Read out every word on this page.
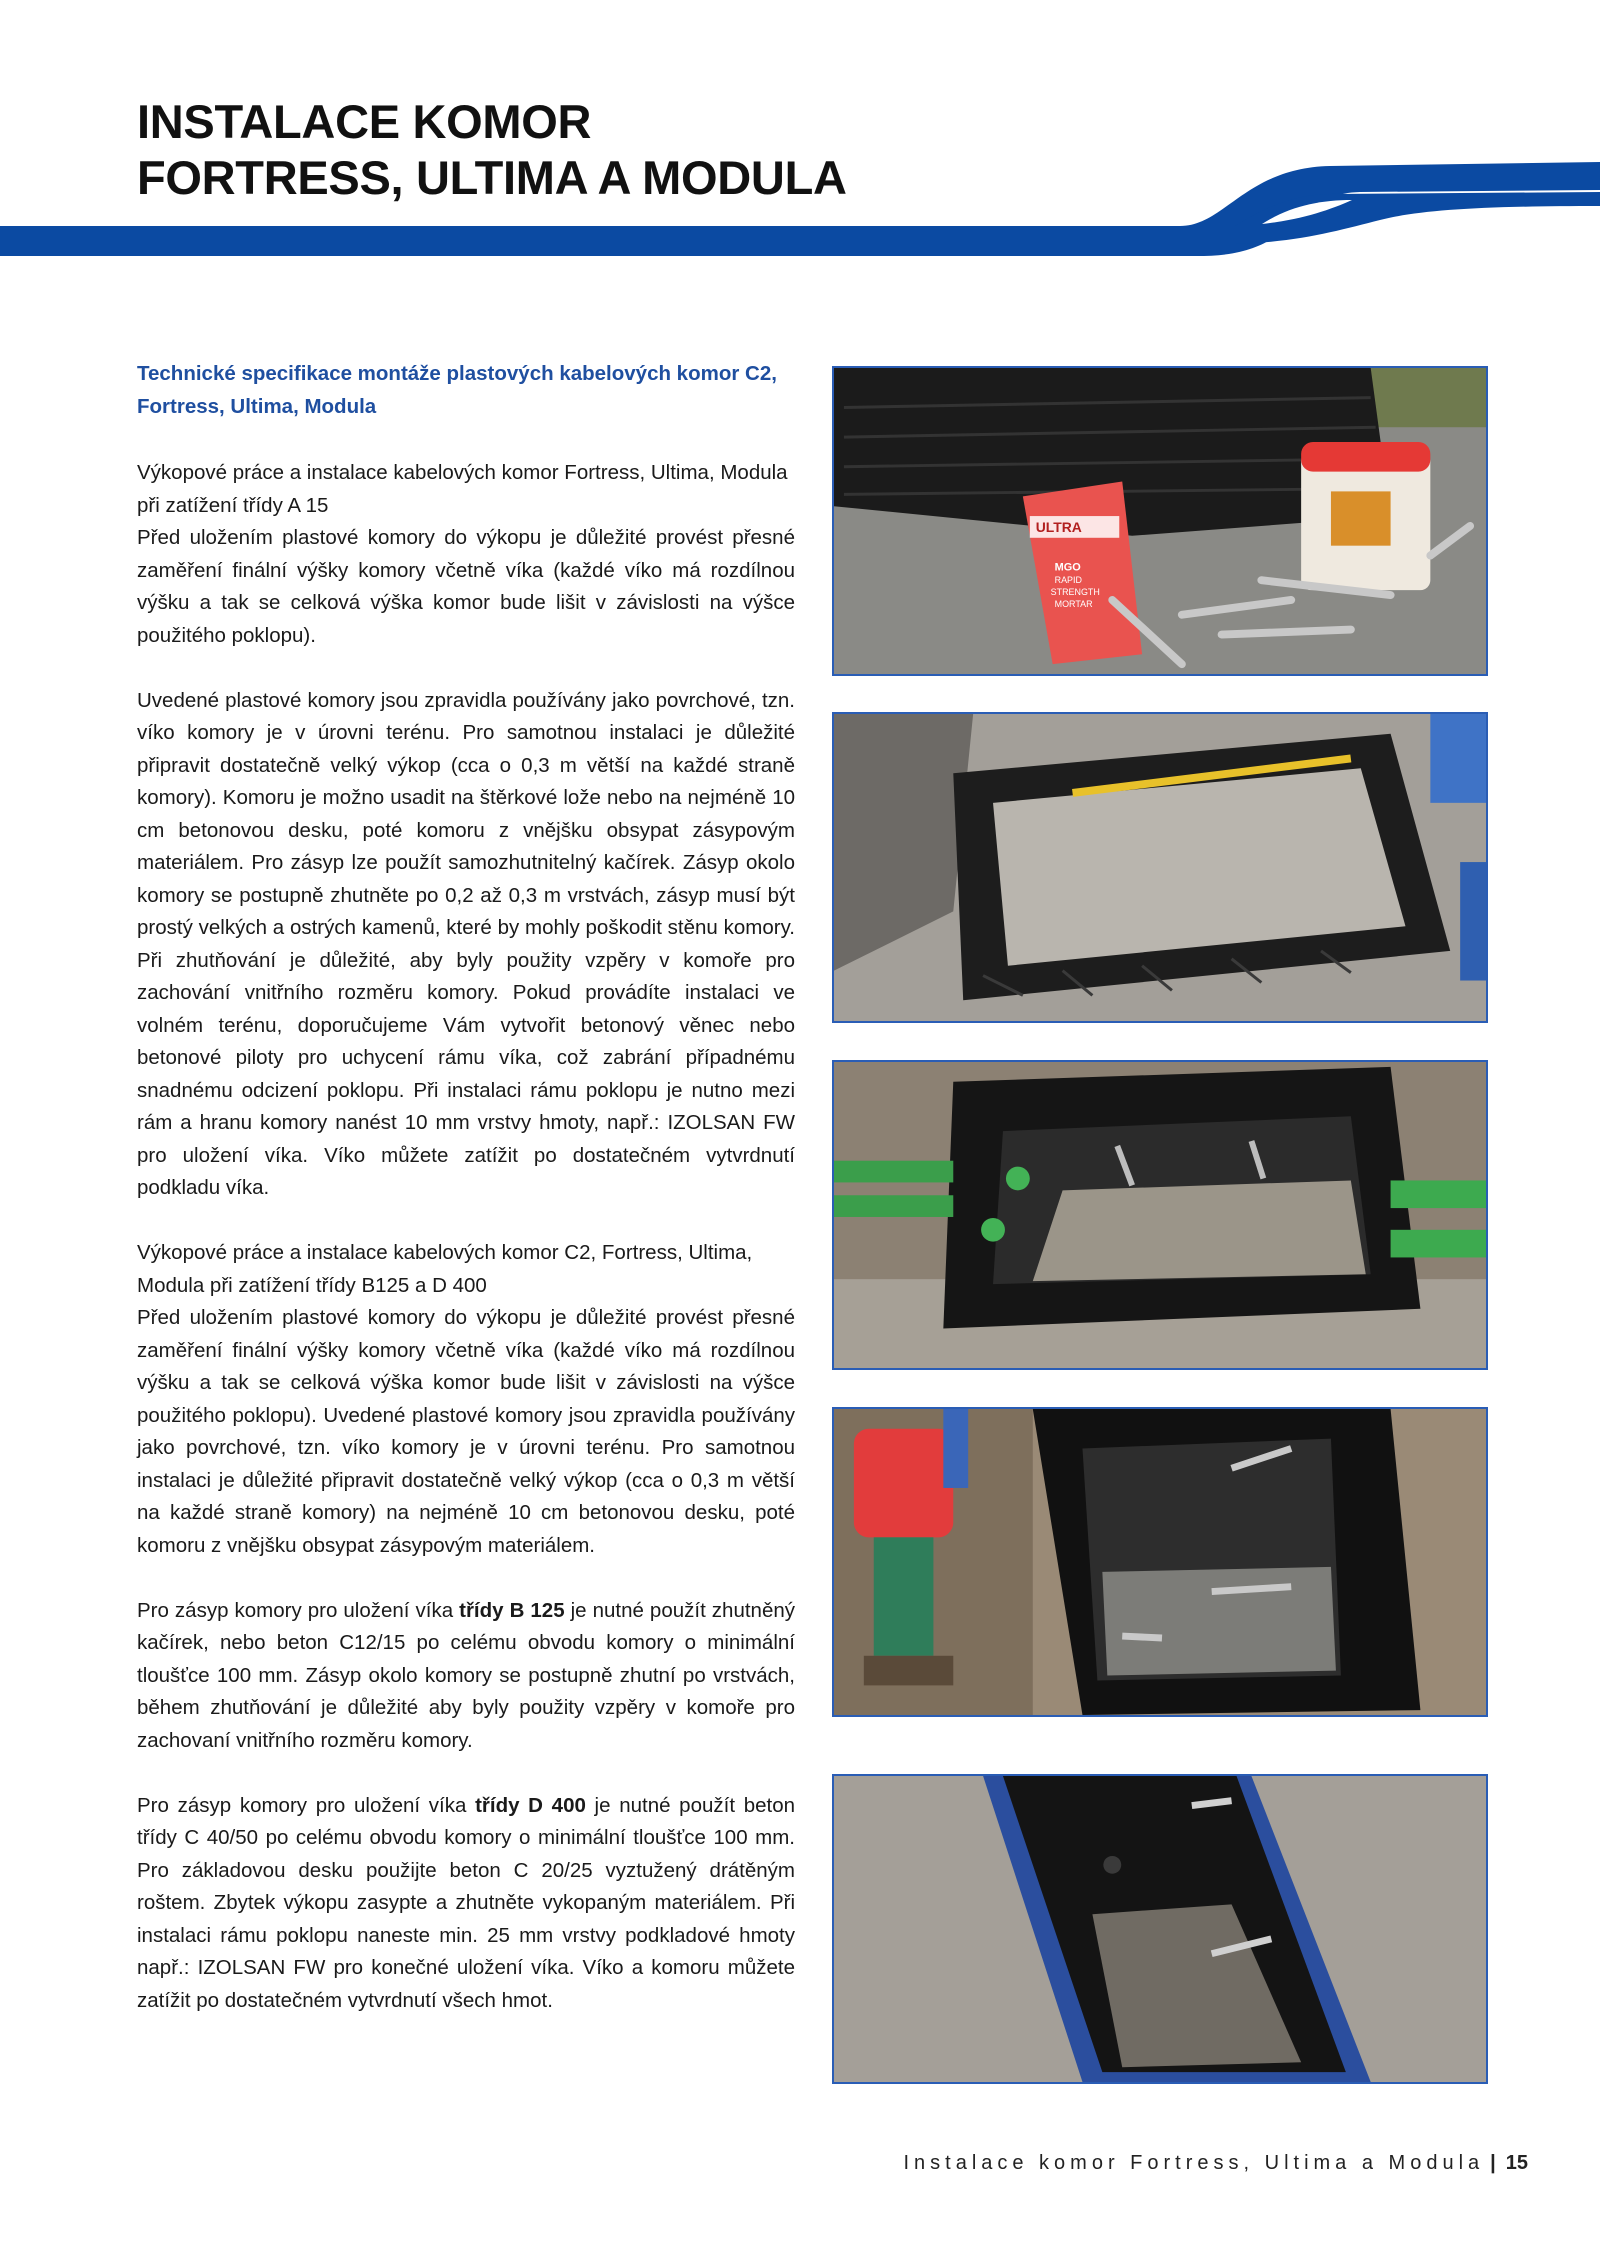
INSTALACE KOMOR
FORTRESS, ULTIMA A MODULA
Technické specifikace montáže plastových kabelových komor C2, Fortress, Ultima, Modula
Výkopové práce a instalace kabelových komor Fortress, Ultima, Modula při zatížení třídy A 15

Před uložením plastové komory do výkopu je důležité provést přesné zaměření finální výšky komory včetně víka (každé víko má rozdílnou výšku a tak se celková výška komor bude lišit v závislosti na výšce použitého poklopu).

Uvedené plastové komory jsou zpravidla používány jako povrchové, tzn. víko komory je v úrovni terénu. Pro samotnou instalaci je důležité připravit dostatečně velký výkop (cca o 0,3 m větší na každé straně komory). Komoru je možno usadit na štěrkové lože nebo na nejméně 10 cm betonovou desku, poté komoru z vnějšku obsypat zásypovým materiálem. Pro zásyp lze použít samozhutnitelný kačírek. Zásyp okolo komory se postupně zhutněte po 0,2 až 0,3 m vrstvách, zásyp musí být prostý velkých a ostrých kamenů, které by mohly poškodit stěnu komory. Při zhutňování je důležité, aby byly použity vzpěry v komoře pro zachování vnitřního rozměru komory. Pokud provádíte instalaci ve volném terénu, doporučujeme Vám vytvořit betonový věnec nebo betonové piloty pro uchycení rámu víka, což zabrání případnému snadnému odcizení poklopu. Při instalaci rámu poklopu je nutno mezi rám a hranu komory nanést 10 mm vrstvy hmoty, např.: IZOLSAN FW pro uložení víka. Víko můžete zatížit po dostatečném vytvrdnutí podkladu víka.

Výkopové práce a instalace kabelových komor C2, Fortress, Ultima, Modula při zatížení třídy B125 a D 400

Před uložením plastové komory do výkopu je důležité provést přesné zaměření finální výšky komory včetně víka (každé víko má rozdílnou výšku a tak se celková výška komor bude lišit v závislosti na výšce použitého poklopu). Uvedené plastové komory jsou zpravidla používány jako povrchové, tzn. víko komory je v úrovni terénu. Pro samotnou instalaci je důležité připravit dostatečně velký výkop (cca o 0,3 m větší na každé straně komory) na nejméně 10 cm betonovou desku, poté komoru z vnějšku obsypat zásypovým materiálem.

Pro zásyp komory pro uložení víka třídy B 125 je nutné použít zhutněný kačírek, nebo beton C12/15 po celému obvodu komory o minimální tloušťce 100 mm. Zásyp okolo komory se postupně zhutní po vrstvách, během zhutňování je důležité aby byly použity vzpěry v komoře pro zachovaní vnitřního rozměru komory.

Pro zásyp komory pro uložení víka třídy D 400 je nutné použít beton třídy C 40/50 po celému obvodu komory o minimální tloušťce 100 mm. Pro základovou desku použijte beton C 20/25 vyztužený drátěným roštem. Zbytek výkopu zasypte a zhutněte vykopaným materiálem. Při instalaci rámu poklopu naneste min. 25 mm vrstvy podkladové hmoty např.: IZOLSAN FW pro konečné uložení víka. Víko a komoru můžete zatížit po dostatečném vytvrdnutí všech hmot.

ULTRA
MGO
RAPID
STRENGTH
MORTAR
Instalace komor Fortress, Ultima a Modula | 15
